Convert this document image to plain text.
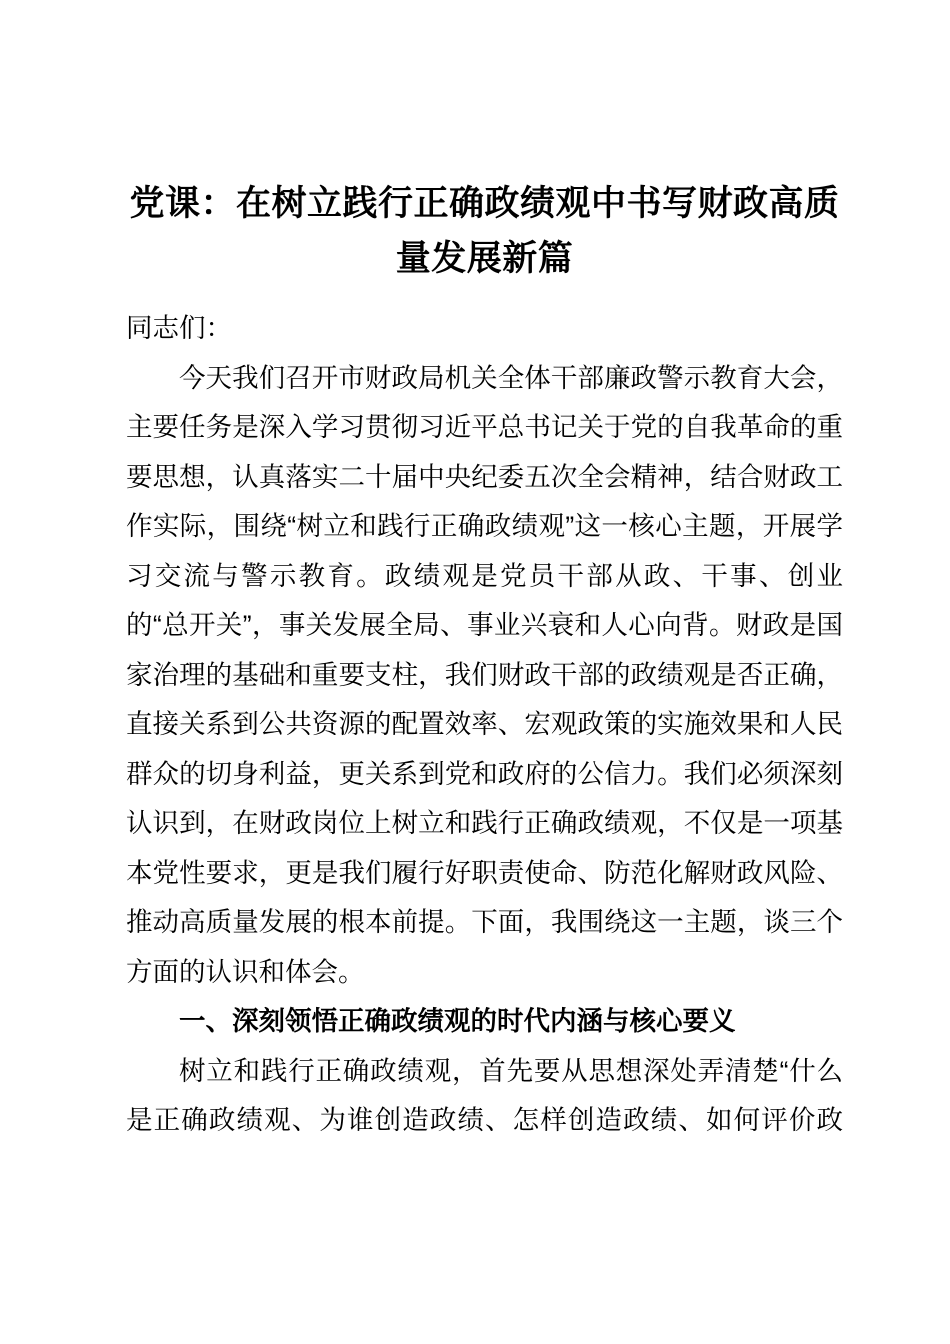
党课：在树立践行正确政绩观中书写财政高质量发展新篇

同志们：

今天我们召开市财政局机关全体干部廉政警示教育大会，主要任务是深入学习贯彻习近平总书记关于党的自我革命的重要思想，认真落实二十届中央纪委五次全会精神，结合财政工作实际，围绕“树立和践行正确政绩观”这一核心主题，开展学习交流与警示教育。政绩观是党员干部从政、干事、创业的“总开关”，事关发展全局、事业兴衰和人心向背。财政是国家治理的基础和重要支柱，我们财政干部的政绩观是否正确，直接关系到公共资源的配置效率、宏观政策的实施效果和人民群众的切身利益，更关系到党和政府的公信力。我们必须深刻认识到，在财政岗位上树立和践行正确政绩观，不仅是一项基本党性要求，更是我们履行好职责使命、防范化解财政风险、推动高质量发展的根本前提。下面，我围绕这一主题，谈三个方面的认识和体会。

一、深刻领悟正确政绩观的时代内涵与核心要义

树立和践行正确政绩观，首先要从思想深处弄清楚“什么是正确政绩观、为谁创造政绩、怎样创造政绩、如何评价政
